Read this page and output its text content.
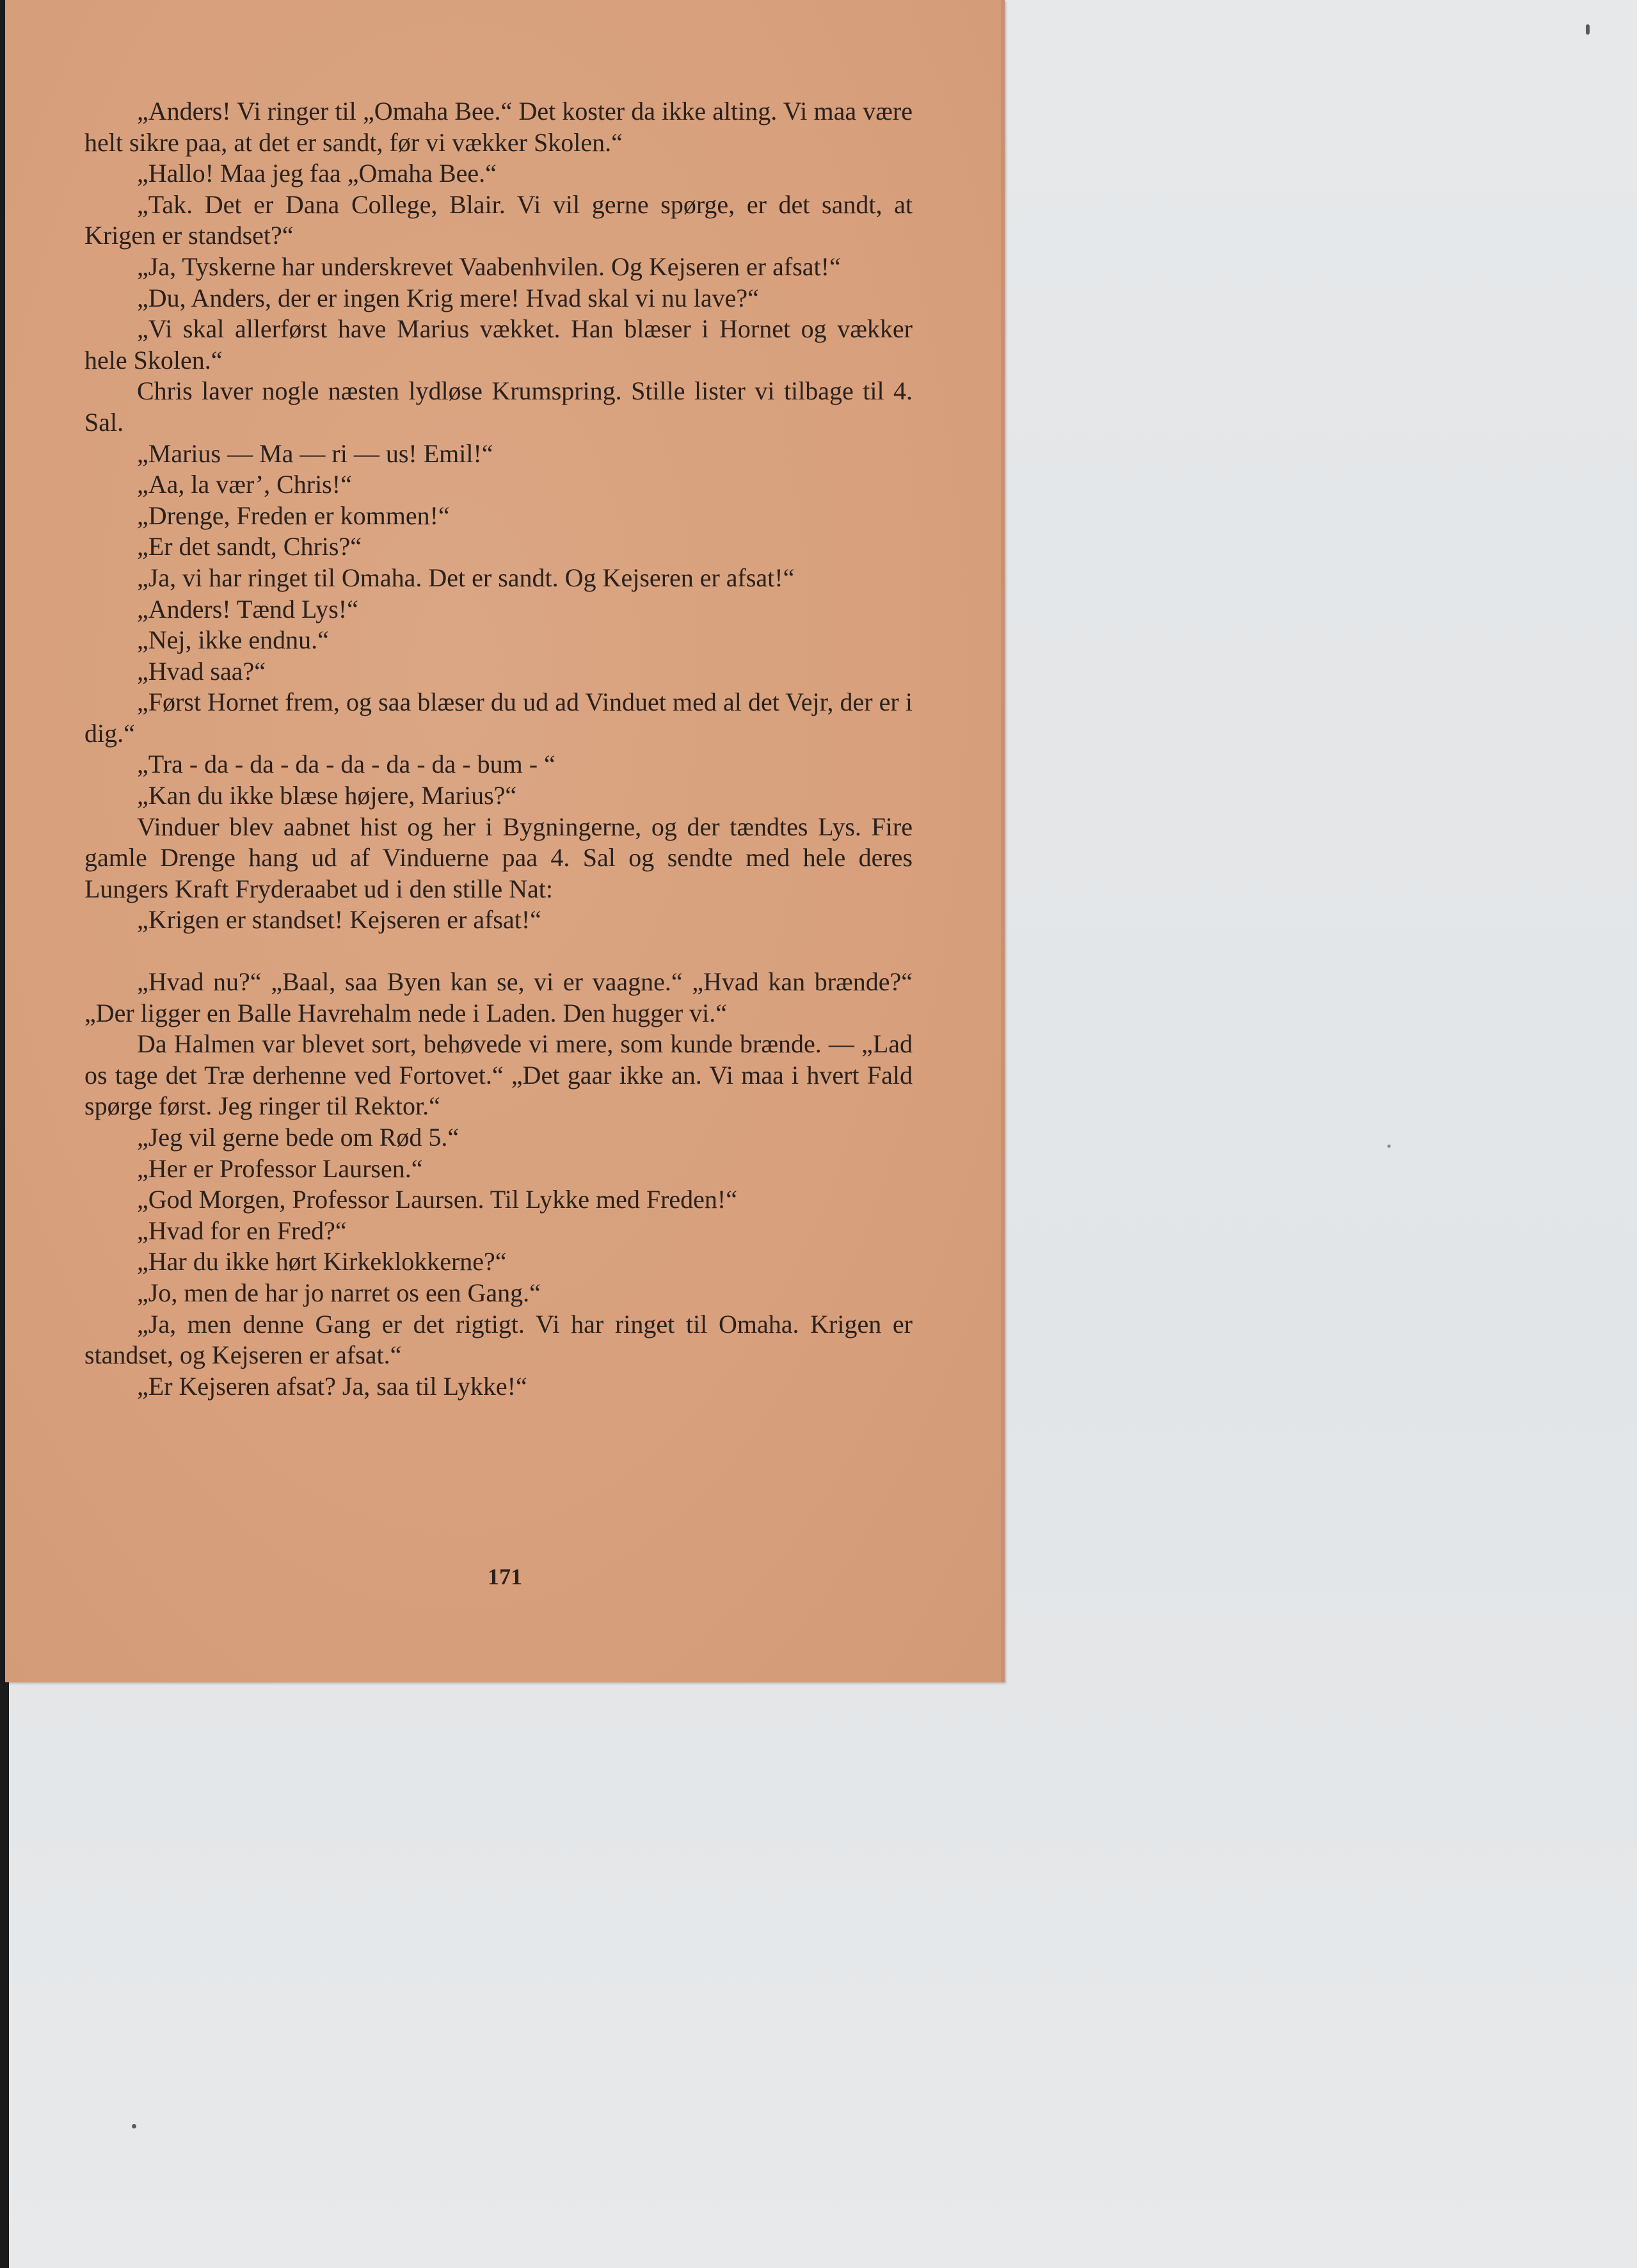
„Anders! Vi ringer til „Omaha Bee.“ Det koster da ikke alting. Vi maa være helt sikre paa, at det er sandt, før vi vækker Skolen.“

„Hallo! Maa jeg faa „Omaha Bee.“

„Tak. Det er Dana College, Blair. Vi vil gerne spørge, er det sandt, at Krigen er standset?“

„Ja, Tyskerne har underskrevet Vaabenhvilen. Og Kejseren er afsat!“

„Du, Anders, der er ingen Krig mere! Hvad skal vi nu lave?“

„Vi skal allerførst have Marius vækket. Han blæser i Hornet og vækker hele Skolen.“

Chris laver nogle næsten lydløse Krumspring. Stille lister vi tilbage til 4. Sal.

„Marius — Ma — ri — us! Emil!“

„Aa, la vær’, Chris!“

„Drenge, Freden er kommen!“

„Er det sandt, Chris?“

„Ja, vi har ringet til Omaha. Det er sandt. Og Kejseren er afsat!“

„Anders! Tænd Lys!“

„Nej, ikke endnu.“

„Hvad saa?“

„Først Hornet frem, og saa blæser du ud ad Vinduet med al det Vejr, der er i dig.“

„Tra - da - da - da - da - da - da - bum - “

„Kan du ikke blæse højere, Marius?“

Vinduer blev aabnet hist og her i Bygningerne, og der tændtes Lys. Fire gamle Drenge hang ud af Vinduerne paa 4. Sal og sendte med hele deres Lungers Kraft Fryderaabet ud i den stille Nat:

„Krigen er standset! Kejseren er afsat!“

„Hvad nu?“ „Baal, saa Byen kan se, vi er vaagne.“ „Hvad kan brænde?“ „Der ligger en Balle Havrehalm nede i Laden. Den hugger vi.“

Da Halmen var blevet sort, behøvede vi mere, som kunde brænde. — „Lad os tage det Træ derhenne ved Fortovet.“ „Det gaar ikke an. Vi maa i hvert Fald spørge først. Jeg ringer til Rektor.“

„Jeg vil gerne bede om Rød 5.“

„Her er Professor Laursen.“

„God Morgen, Professor Laursen. Til Lykke med Freden!“

„Hvad for en Fred?“

„Har du ikke hørt Kirkeklokkerne?“

„Jo, men de har jo narret os een Gang.“

„Ja, men denne Gang er det rigtigt. Vi har ringet til Omaha. Krigen er standset, og Kejseren er afsat.“

„Er Kejseren afsat? Ja, saa til Lykke!“

171
